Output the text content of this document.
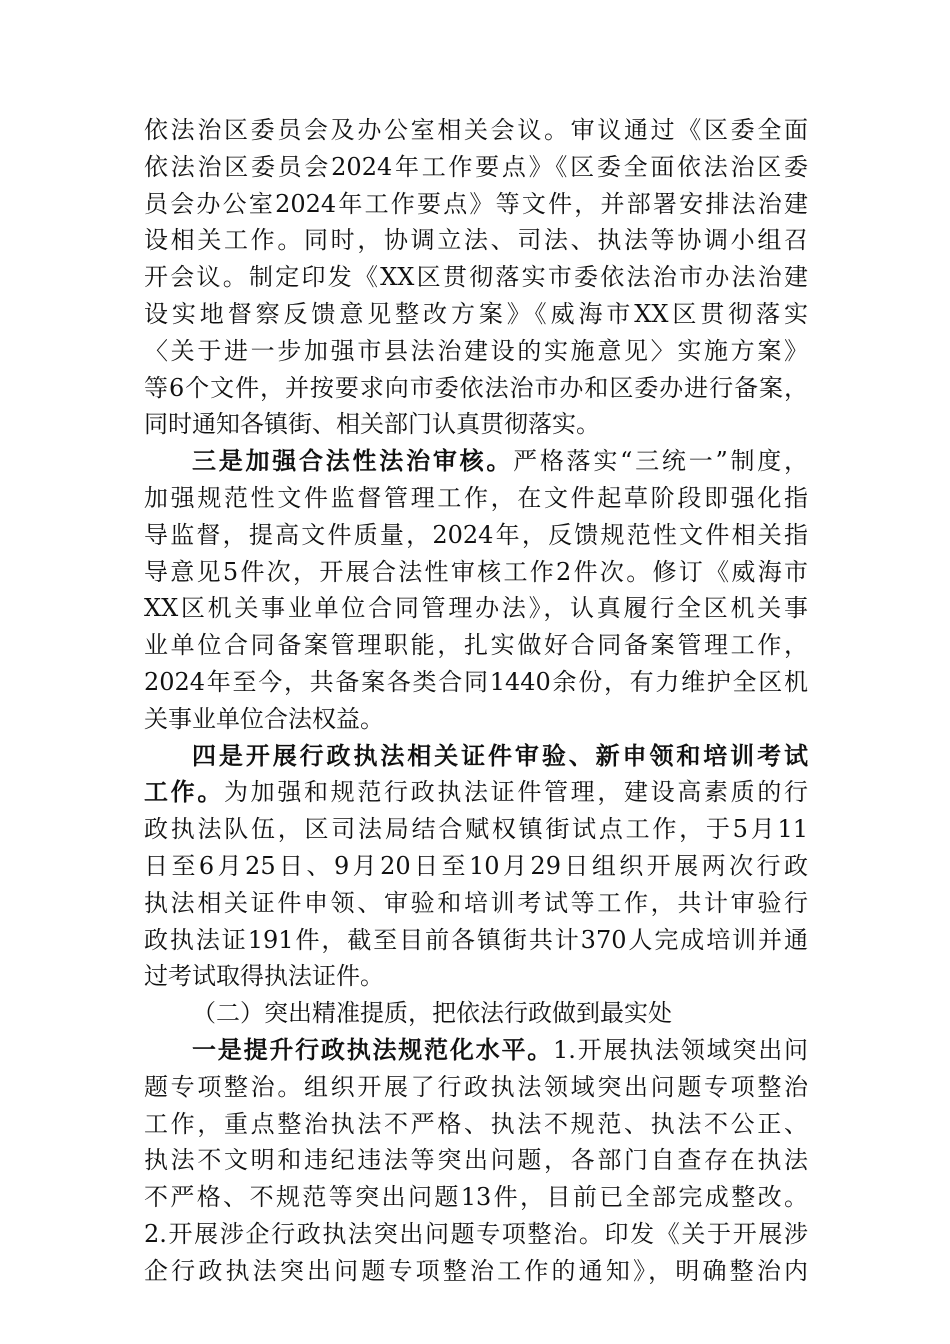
依法治区委员会及办公室相关会议。审议通过《区委全面
依法治区委员会2024年工作要点》《区委全面依法治区委
员会办公室2024年工作要点》等文件，并部署安排法治建
设相关工作。同时，协调立法、司法、执法等协调小组召
开会议。制定印发《XX区贯彻落实市委依法治市办法治建
设实地督察反馈意见整改方案》《威海市XX区贯彻落实
〈关于进一步加强市县法治建设的实施意见〉实施方案》
等6个文件，并按要求向市委依法治市办和区委办进行备案，
同时通知各镇街、相关部门认真贯彻落实。
三是加强合法性法治审核。严格落实“三统一”制度，
加强规范性文件监督管理工作，在文件起草阶段即强化指
导监督，提高文件质量，2024年，反馈规范性文件相关指
导意见5件次，开展合法性审核工作2件次。修订《威海市
XX区机关事业单位合同管理办法》，认真履行全区机关事
业单位合同备案管理职能，扎实做好合同备案管理工作，
2024年至今，共备案各类合同1440余份，有力维护全区机
关事业单位合法权益。
四是开展行政执法相关证件审验、新申领和培训考试
工作。为加强和规范行政执法证件管理，建设高素质的行
政执法队伍，区司法局结合赋权镇街试点工作，于5月11
日至6月25日、9月20日至10月29日组织开展两次行政
执法相关证件申领、审验和培训考试等工作，共计审验行
政执法证191件，截至目前各镇街共计370人完成培训并通
过考试取得执法证件。
（二）突出精准提质，把依法行政做到最实处
一是提升行政执法规范化水平。1.开展执法领域突出问
题专项整治。组织开展了行政执法领域突出问题专项整治
工作，重点整治执法不严格、执法不规范、执法不公正、
执法不文明和违纪违法等突出问题，各部门自查存在执法
不严格、不规范等突出问题13件，目前已全部完成整改。
2.开展涉企行政执法突出问题专项整治。印发《关于开展涉
企行政执法突出问题专项整治工作的通知》，明确整治内
